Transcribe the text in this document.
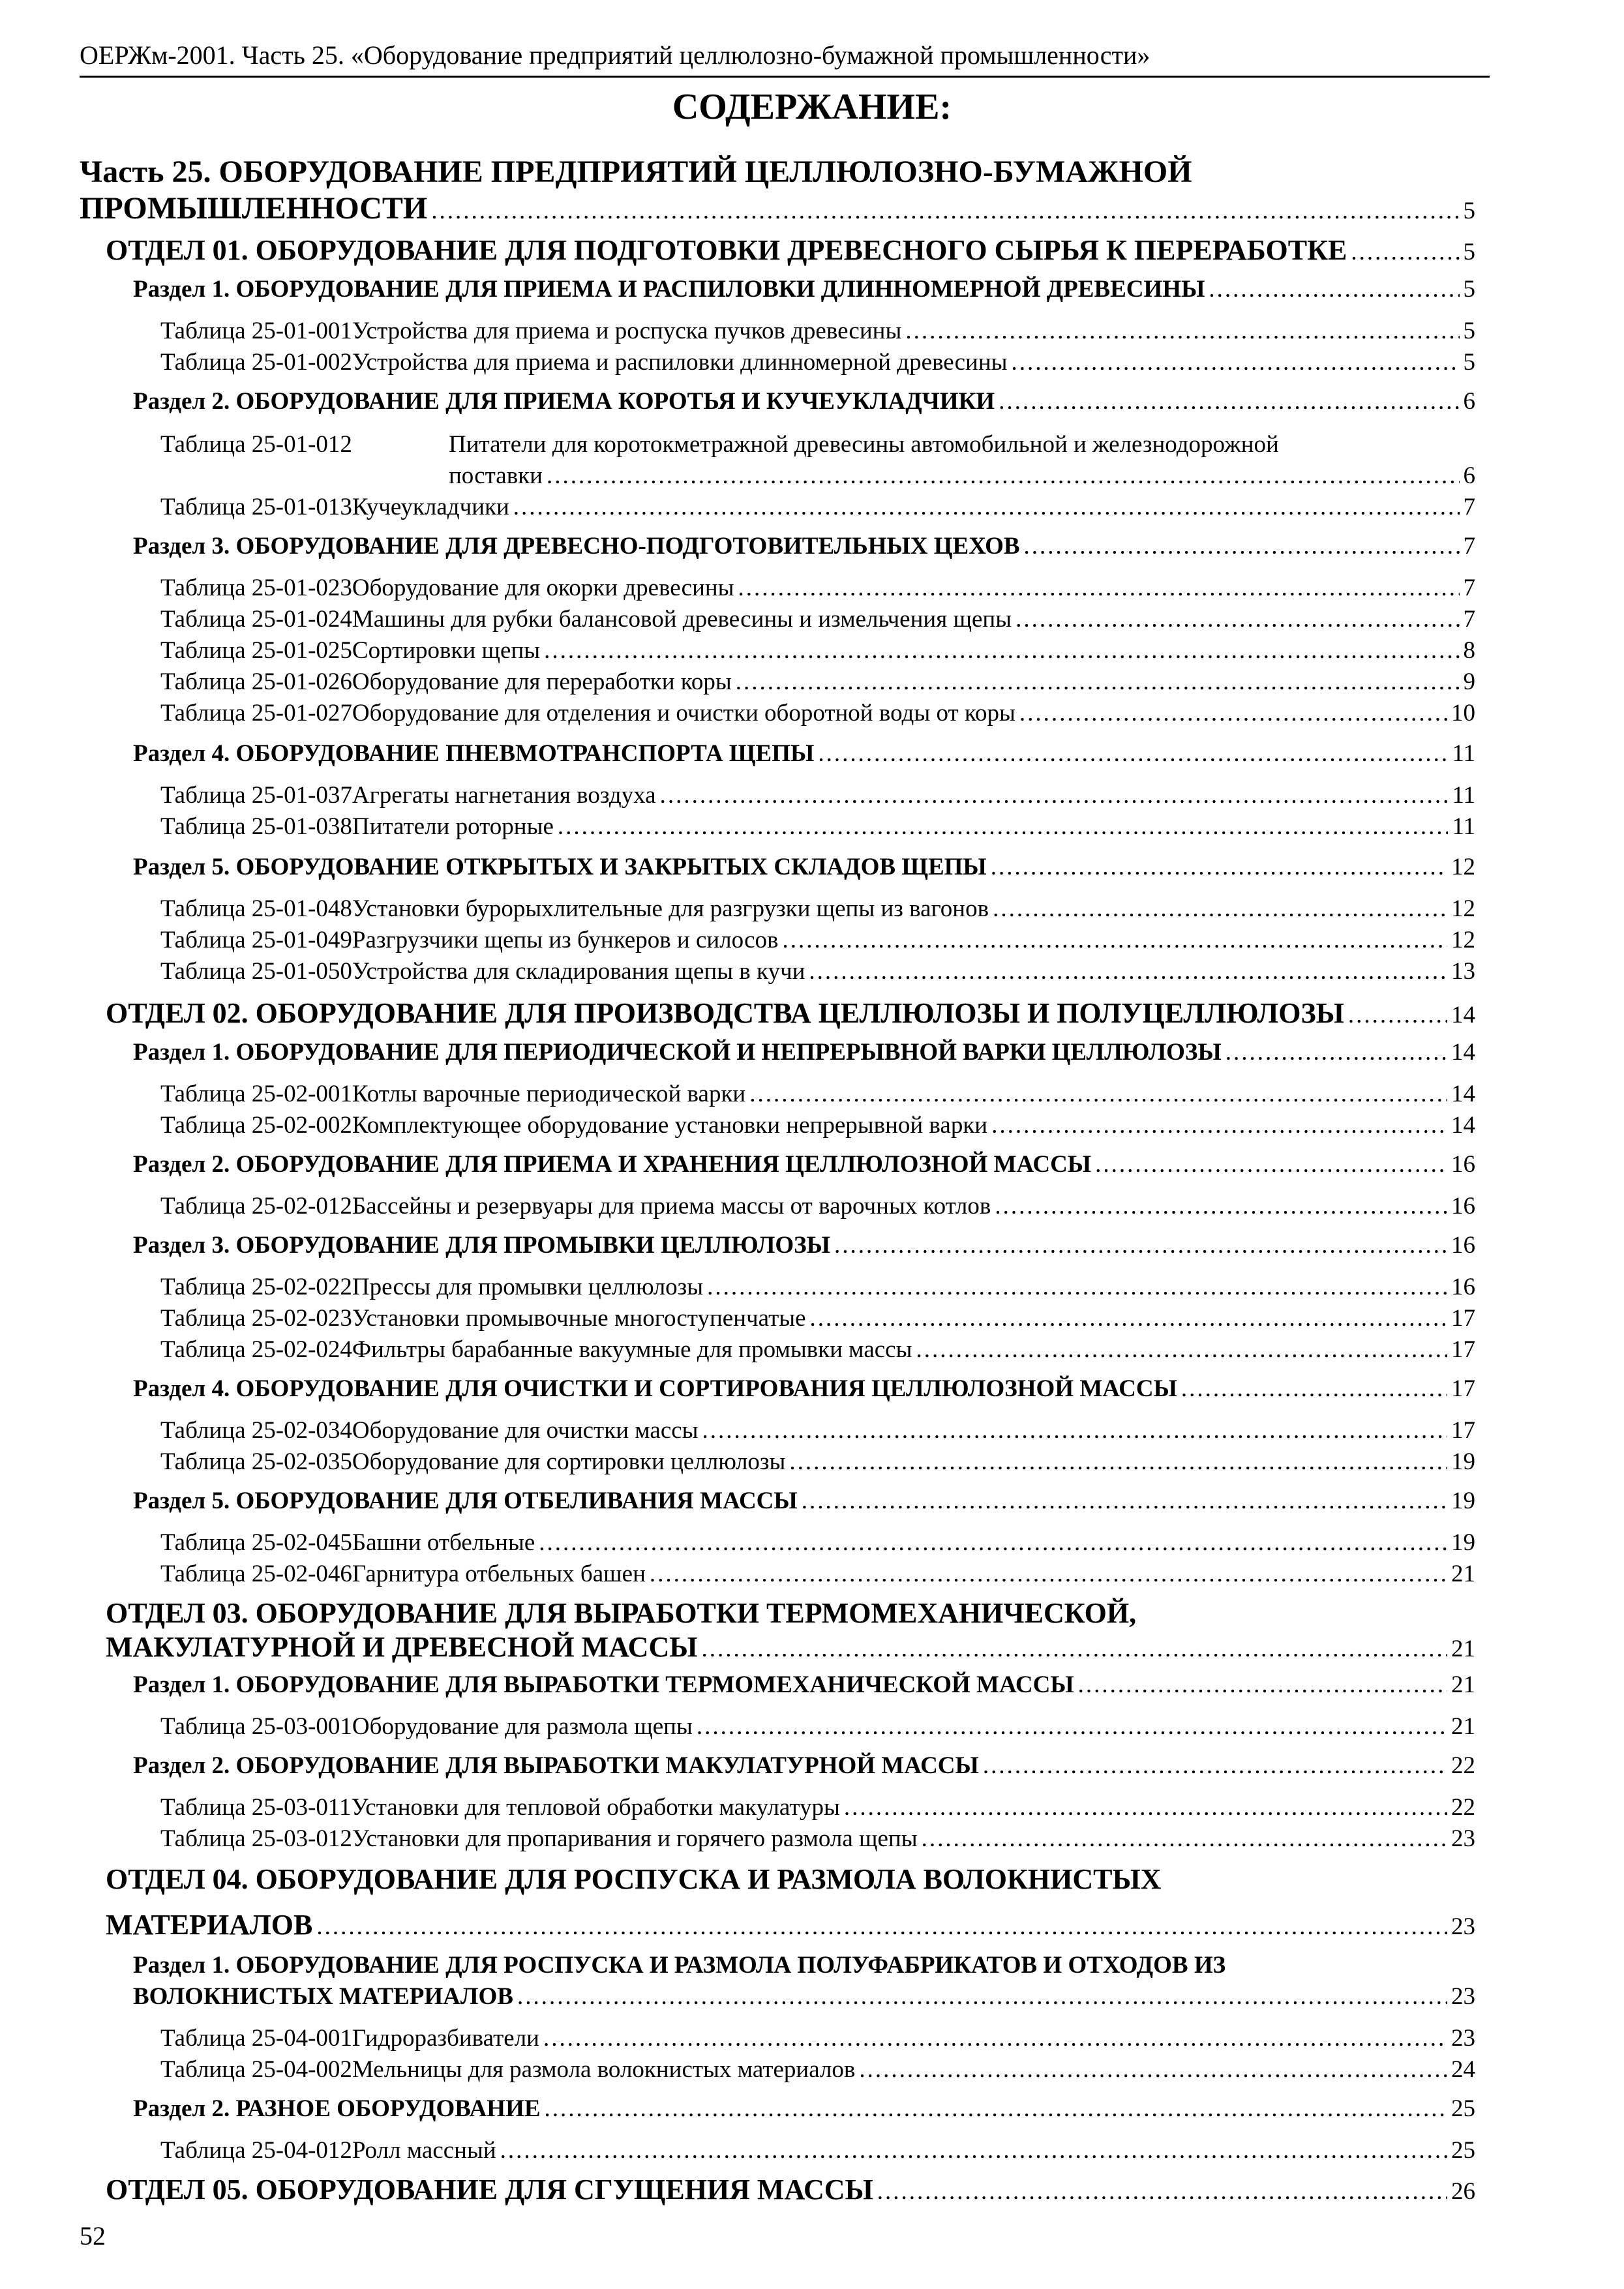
ОЕРЖм-2001. Часть 25. «Оборудование предприятий целлюлозно-бумажной промышленности»
СОДЕРЖАНИЕ:
Часть 25. ОБОРУДОВАНИЕ ПРЕДПРИЯТИЙ ЦЕЛЛЮЛОЗНО-БУМАЖНОЙ
ПРОМЫШЛЕННОСТИ .....	5
ОТДЕЛ 01. ОБОРУДОВАНИЕ ДЛЯ ПОДГОТОВКИ ДРЕВЕСНОГО СЫРЬЯ К ПЕРЕРАБОТКЕ .....	5
Раздел 1. ОБОРУДОВАНИЕ ДЛЯ ПРИЕМА И РАСПИЛОВКИ ДЛИННОМЕРНОЙ ДРЕВЕСИНЫ .....	5
Таблица 25-01-001 Устройства для приема и роспуска пучков древесины .....	5
Таблица 25-01-002 Устройства для приема и распиловки длинномерной древесины .....	5
Раздел 2. ОБОРУДОВАНИЕ ДЛЯ ПРИЕМА КОРОТЬЯ И КУЧЕУКЛАДЧИКИ .....	6
Таблица 25-01-012	Питатели для коротокметражной древесины автомобильной и железнодорожной
поставки .....	6
Таблица 25-01-013 Кучеукладчики .....	7
Раздел 3. ОБОРУДОВАНИЕ ДЛЯ ДРЕВЕСНО-ПОДГОТОВИТЕЛЬНЫХ ЦЕХОВ .....	7
Таблица 25-01-023 Оборудование для окорки древесины .....	7
Таблица 25-01-024 Машины для рубки балансовой древесины и измельчения щепы .....	7
Таблица 25-01-025 Сортировки щепы .....	8
Таблица 25-01-026 Оборудование для переработки коры .....	9
Таблица 25-01-027 Оборудование для отделения и очистки оборотной воды от коры .....	10
Раздел 4. ОБОРУДОВАНИЕ ПНЕВМОТРАНСПОРТА ЩЕПЫ .....	11
Таблица 25-01-037 Агрегаты нагнетания воздуха .....	11
Таблица 25-01-038 Питатели роторные .....	11
Раздел 5. ОБОРУДОВАНИЕ ОТКРЫТЫХ И ЗАКРЫТЫХ СКЛАДОВ ЩЕПЫ .....	12
Таблица 25-01-048 Установки бурорыхлительные для разгрузки щепы из вагонов .....	12
Таблица 25-01-049 Разгрузчики щепы из бункеров и силосов .....	12
Таблица 25-01-050 Устройства для складирования щепы в кучи .....	13
ОТДЕЛ 02. ОБОРУДОВАНИЕ ДЛЯ ПРОИЗВОДСТВА ЦЕЛЛЮЛОЗЫ И ПОЛУЦЕЛЛЮЛОЗЫ .....	14
Раздел 1. ОБОРУДОВАНИЕ ДЛЯ ПЕРИОДИЧЕСКОЙ И НЕПРЕРЫВНОЙ ВАРКИ ЦЕЛЛЮЛОЗЫ .....	14
Таблица 25-02-001 Котлы варочные периодической варки .....	14
Таблица 25-02-002 Комплектующее оборудование установки непрерывной варки .....	14
Раздел 2. ОБОРУДОВАНИЕ ДЛЯ ПРИЕМА И ХРАНЕНИЯ ЦЕЛЛЮЛОЗНОЙ МАССЫ .....	16
Таблица 25-02-012 Бассейны и резервуары для приема массы от варочных котлов .....	16
Раздел 3. ОБОРУДОВАНИЕ ДЛЯ ПРОМЫВКИ ЦЕЛЛЮЛОЗЫ .....	16
Таблица 25-02-022 Прессы для промывки целлюлозы .....	16
Таблица 25-02-023 Установки промывочные многоступенчатые .....	17
Таблица 25-02-024 Фильтры барабанные вакуумные для промывки массы .....	17
Раздел 4. ОБОРУДОВАНИЕ ДЛЯ ОЧИСТКИ И СОРТИРОВАНИЯ ЦЕЛЛЮЛОЗНОЙ МАССЫ .....	17
Таблица 25-02-034 Оборудование для очистки массы .....	17
Таблица 25-02-035 Оборудование для сортировки целлюлозы .....	19
Раздел 5. ОБОРУДОВАНИЕ ДЛЯ ОТБЕЛИВАНИЯ МАССЫ .....	19
Таблица 25-02-045 Башни отбельные .....	19
Таблица 25-02-046 Гарнитура отбельных башен .....	21
ОТДЕЛ 03. ОБОРУДОВАНИЕ ДЛЯ ВЫРАБОТКИ ТЕРМОМЕХАНИЧЕСКОЙ,
МАКУЛАТУРНОЙ И ДРЕВЕСНОЙ МАССЫ .....	21
Раздел 1. ОБОРУДОВАНИЕ ДЛЯ ВЫРАБОТКИ ТЕРМОМЕХАНИЧЕСКОЙ МАССЫ .....	21
Таблица 25-03-001 Оборудование для размола щепы .....	21
Раздел 2. ОБОРУДОВАНИЕ ДЛЯ ВЫРАБОТКИ МАКУЛАТУРНОЙ МАССЫ .....	22
Таблица 25-03-011 Установки для тепловой обработки макулатуры .....	22
Таблица 25-03-012 Установки для пропаривания и горячего размола щепы .....	23
ОТДЕЛ 04. ОБОРУДОВАНИЕ ДЛЯ РОСПУСКА И РАЗМОЛА ВОЛОКНИСТЫХ
МАТЕРИАЛОВ .....	23
Раздел 1. ОБОРУДОВАНИЕ ДЛЯ РОСПУСКА И РАЗМОЛА ПОЛУФАБРИКАТОВ И ОТХОДОВ ИЗ
ВОЛОКНИСТЫХ МАТЕРИАЛОВ .....	23
Таблица 25-04-001 Гидроразбиватели .....	23
Таблица 25-04-002 Мельницы для размола волокнистых материалов .....	24
Раздел 2. РАЗНОЕ ОБОРУДОВАНИЕ .....	25
Таблица 25-04-012 Ролл массный .....	25
ОТДЕЛ 05. ОБОРУДОВАНИЕ ДЛЯ СГУЩЕНИЯ МАССЫ .....	26
52
